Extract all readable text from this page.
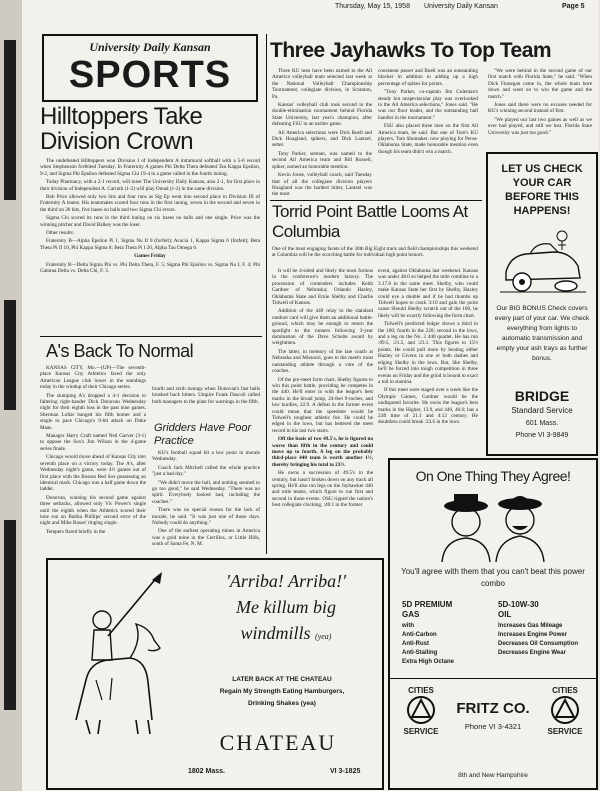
Thursday, May 15, 1958 University Daily Kansan	Page 5
University Daily Kansan
SPORTS
Hilltoppers Take Division Crown

The undefeated Hilltoppers won Division I of Independent A intramural softball with a 5-0 record when Stephenson forfeited Tuesday. In Fraternity A games Phi Delta Theta defeated Tau Kappa Epsilon, 9-2, and Sigma Phi Epsilon defeated Sigma Chi 19-4 in a game called in the fourth inning.

Today Pharmacy, with a 2-1 record, will meet The University Daily Kansan, also 2-1, for first place in their division of Independent A. Carruth (1-2) will play Oread (1-2) in the same division.

Bob Price allowed only two hits and four runs as Sig Ep went into second place in Division III of Fraternity A teams. His teammates scored four runs in the first inning, seven in the second and seven in the third on 20 hits, five bases on balls and two Sigma Chi errors.

Sigma Chi scored its runs in the third inning on six bases on balls and one single. Price was the winning pitcher and David Balkey was the loser.

Other results:

Fraternity B—Alpha Epsilon Pi 1, Sigma Nu II 0 (forfeit); Acacia 1, Kappa Sigma 0 (forfeit); Beta Theta Pi II 10, Phi Kappa Sigma 8; Beta Theta Pi I 20, Alpha Tau Omega 6.

Games Friday

Fraternity B—Delta Sigma Phi vs. Phi Delta Theta, F. 5; Sigma Phi Epsilon vs. Sigma Nu I, F. 4; Phi Gamma Delta vs. Delta Chi, F. 3.

A's Back To Normal

KANSAS CITY, Mo.—(UP)—The seventh-place Kansas City Athletics faced the only American League club lower in the standings today in the windup of their Chicago series.

The slumping A's dropped a 4-1 decision to faltering right-hander Dick Donovan Wednesday night for their eighth loss in the past nine games. Sherman Lollar banged his fifth homer and a single to pace Chicago's 9-hit attack on Duke Maas.

Manager Harry Craft named Ned Garver (3-1) to oppose the Sox's Jim Wilson in the 4-game series finale.

Chicago would move ahead of Kansas City into seventh place on a victory today. The A's, after Wednesday night's game, were 4½ games out of first place with the Boston Red Sox possessing an identical mark. Chicago was a half game down the ladder.

Donovan, winning his second game against three setbacks, allowed only Vic Power's single until the eighth when the Athletics scored their lone run on Bubba Phillips' second error of the night and Mike Baxes' ringing single.

Tempers flared briefly in the

fourth and sixth innings when Donovan's fast balls brushed back hitters. Umpire Frank Dascoli called both managers to the plate for warnings in the fifth.

Gridders Have Poor Practice

KU's football squad hit a low point in morale Wednesday.

Coach Jack Mitchell called the whole practice "just a bad day."

"We didn't move the ball, and nothing seemed to go too good," he said Wednesday. "There was no spirit. Everybody looked bad, including the coaches."

There was no special reason for the lack of morale, he said. "It was just one of those days. Nobody could do anything."

One of the earliest operating mines in America was a gold mine in the Cerrillos, or Little Hills, south of Santa Fe, N. M.

Three Jayhawks To Top Team

Three KU men have been named to the All America volleyball team selected last week at the National Volleyball Championship Tournament, collegiate division, in Scranton, Pa.

Kansas' volleyball club took second in the double-elimination tournament behind Florida State University, last year's champion, after defeating FSU in an earlier game.

All America selections were Dick Buell and Dick Hoagland, spikers, and Dick Lantzel, setter.

Tony Parker, setman, was named to the second All America team and Bill Russell, spiker, earned an honorable mention.

Kevin Jones, volleyball coach, said Tuesday that of all the collegiate division players Hoagland was the hardest hitter, Lantzel was the most

consistent passer and Buell was an outstanding blocker in addition to adding up a high percentage of spikes for points.

"Tony Parker, co-captain Jim Coleman's steady but unspectacular play was overlooked in the All America selections," Jones said. "He was our floor leader, and the outstanding ball handler in the tournament."

FSU also placed three men on the first All America team, he said. But one of Tom's KU players, Tom Shumaker, now playing for Persa-Oklahoma State, made honorable mention even though his team didn't win a match.

"We were behind in the second game of our first match with Florida State," he said. "When Dick Finnegan came in, the whole team bore down and went on to win the game and the match."

Jones said there were no excuses needed for KU's winning second instead of first.

"We played our last two games as well as we ever had played, and still we lost. Florida State University was just too good."

Torrid Point Battle Looms At Columbia
One of the most engaging facets of the 30th Big Eight track and field championships this weekend at Columbia will be the scorching battle for individual high point honors.

It will be 4-sided and likely the most furious in the conference's modern history. The procession of contenders includes Keith Gardner of Nebraska; Orlando Hazley, Oklahoma State and Ernie Shelby and Charlie Tidwell of Kansas.

Addition of the 440 relay to the standard outdoor card will give them an additional battle-ground, which may be enough to return the spotlight to the runners following 3-year domination of the Dave Schulte award by weightmen.

The latter, in memory of the late coach at Nebraska and Missouri, goes to the meet's most outstanding athlete through a vote of the coaches.

Of the pre-meet form chart, Shelby figures to win this point battle, providing he competes in the 440. He'll enter in with the league's best marks in the broad jump, 24-feet 9-inches, and low hurdles, 22.9. A defeat in the former event could mean that the speedster would be Tidwell's toughest athletic foe. He could be edged in the lows, but has bettered the meet record in his last two starts.

Off the basis of two 49.5's, he is figured no worse than fifth in the century and could move up to fourth. A leg on the probably third-place 440 team is worth another 1½, thereby bringing his total to 23½.

He owns a succession of 49.5's in the century, but hasn't broken down on any track all spring. He'll also run legs on the Jayhawker 440 and mile teams, which figure to run first and second in those events. OSU ripped the nation's best collegiate clocking, :40.1 in the former

event, against Oklahoma last weekend. Kansas was under 48.0 so helped the mile combine to a 3.17.8 in the same meet. Shelby, who could make Kansas State her first by Shelby, Hazley could eye a double and if he had thumbs up Tidwell hopes to crack 3:10 and gain the point cause Should Shelby scratch out of the 100, he likely will be exactly following the form chart.

Tidwell's predicted ledger shows a third in the 100; fourth in the 220; second in the lows, and a leg on the No. 2 440 quartet. He has run :09.5, :21.5, and :23.1. This figures to 15½ points. He could pull more by beating either Hazley or Givens in one or both dashes and edging Shelby in the lows. But, like Shelby, he'll be forced into tough competition in three events on Friday and the grind is bound to exact a toll in stamina.

If this meet were staged over a week like the Olympic Games, Gardner would be the undisputed favorite. He owns the league's best marks in the Higher, 13.9, and 440, 46.6; has a 23ft time of 21.1 and 4:12 century. He doubtless could break :23.6 in the lows.

LET US CHECK
YOUR CAR
BEFORE THIS
HAPPENS!
Our BIG BONUS Check covers every part of your car. We check everything from lights to automatic transmission and empty your ash trays as further bonus.
BRIDGE
Standard Service
601 Mass.
Phone VI 3-9849
'Arriba! Arriba!'
Me killum big
windmills (yea)
LATER BACK AT THE CHATEAU
Regain My Strength Eating Hamburgers,
Drinking Shakes (yea)
CHATEAU
1802 Mass.	VI 3-1825
On One Thing They Agree!
You'll agree with them that you can't beat this power combo
5D PREMIUM
GAS
with
Anti-Carbon
Anti-Rust
Anti-Stalling
Extra High Octane
5D-10W-30
OIL
Increases Gas Mileage
Increases Engine Power
Decreases Oil Consumption
Decreases Engine Wear
CITIES
SERVICE
FRITZ CO.
Phone VI 3-4321
CITIES
SERVICE
8th and New Hampshire
